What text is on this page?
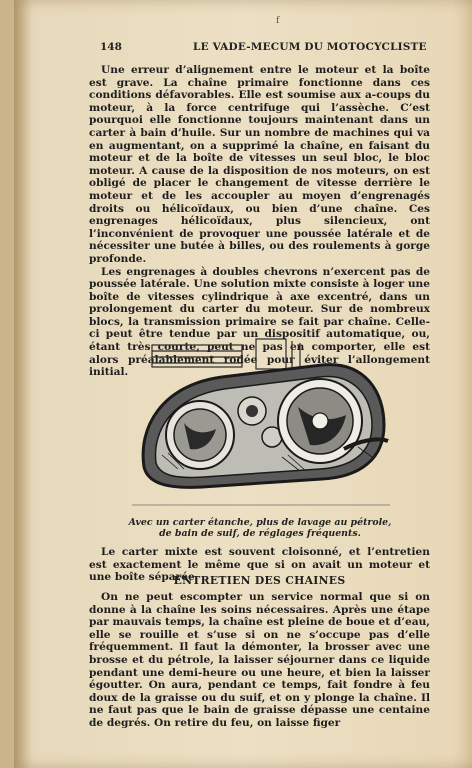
f
148	LE VADE-MECUM DU MOTOCYCLISTE

Une erreur d’alignement entre le moteur et la boîte est grave. La chaîne primaire fonctionne dans ces conditions défavorables. Elle est soumise aux a-coups du moteur, à la force centrifuge qui l’assèche. C’est pourquoi elle fonctionne toujours maintenant dans un carter à bain d’huile. Sur un nombre de machines qui va en augmentant, on a supprimé la chaîne, en faisant du moteur et de la boîte de vitesses un seul bloc, le bloc moteur. A cause de la disposition de nos moteurs, on est obligé de placer le changement de vitesse derrière le moteur et de les accoupler au moyen d’engrenagés droits ou hélicoïdaux, ou bien d’une chaîne. Ces engrenages hélicoïdaux, plus silencieux, ont l’inconvénient de provoquer une poussée latérale et de nécessiter une butée à billes, ou des roulements à gorge profonde.

Les engrenages à doubles chevrons n’exercent pas de poussée latérale. Une solution mixte consiste à loger une boîte de vitesses cylindrique à axe excentré, dans un prolongement du carter du moteur. Sur de nombreux blocs, la transmission primaire se fait par chaîne. Celle-ci peut être tendue par un dispositif automatique, ou, étant très courte, peut ne pas en comporter, elle est alors préalablement rodée pour éviter l’allongement initial.

Avec un carter étanche, plus de lavage au pétrole,
de bain de suif, de réglages fréquents.

Le carter mixte est souvent cloisonné, et l’entretien est exactement le même que si on avait un moteur et une boîte séparée.

ENTRETIEN DES CHAINES

On ne peut escompter un service normal que si on donne à la chaîne les soins nécessaires. Après une étape par mauvais temps, la chaîne est pleine de boue et d’eau, elle se rouille et s’use si on ne s’occupe pas d’elle fréquemment. Il faut la démonter, la brosser avec une brosse et du pétrole, la laisser séjourner dans ce liquide pendant une demi-heure ou une heure, et bien la laisser égoutter. On aura, pendant ce temps, fait fondre à feu doux de la graisse ou du suif, et on y plonge la chaîne. Il ne faut pas que le bain de graisse dépasse une centaine de degrés. On retire du feu, on laisse figer
